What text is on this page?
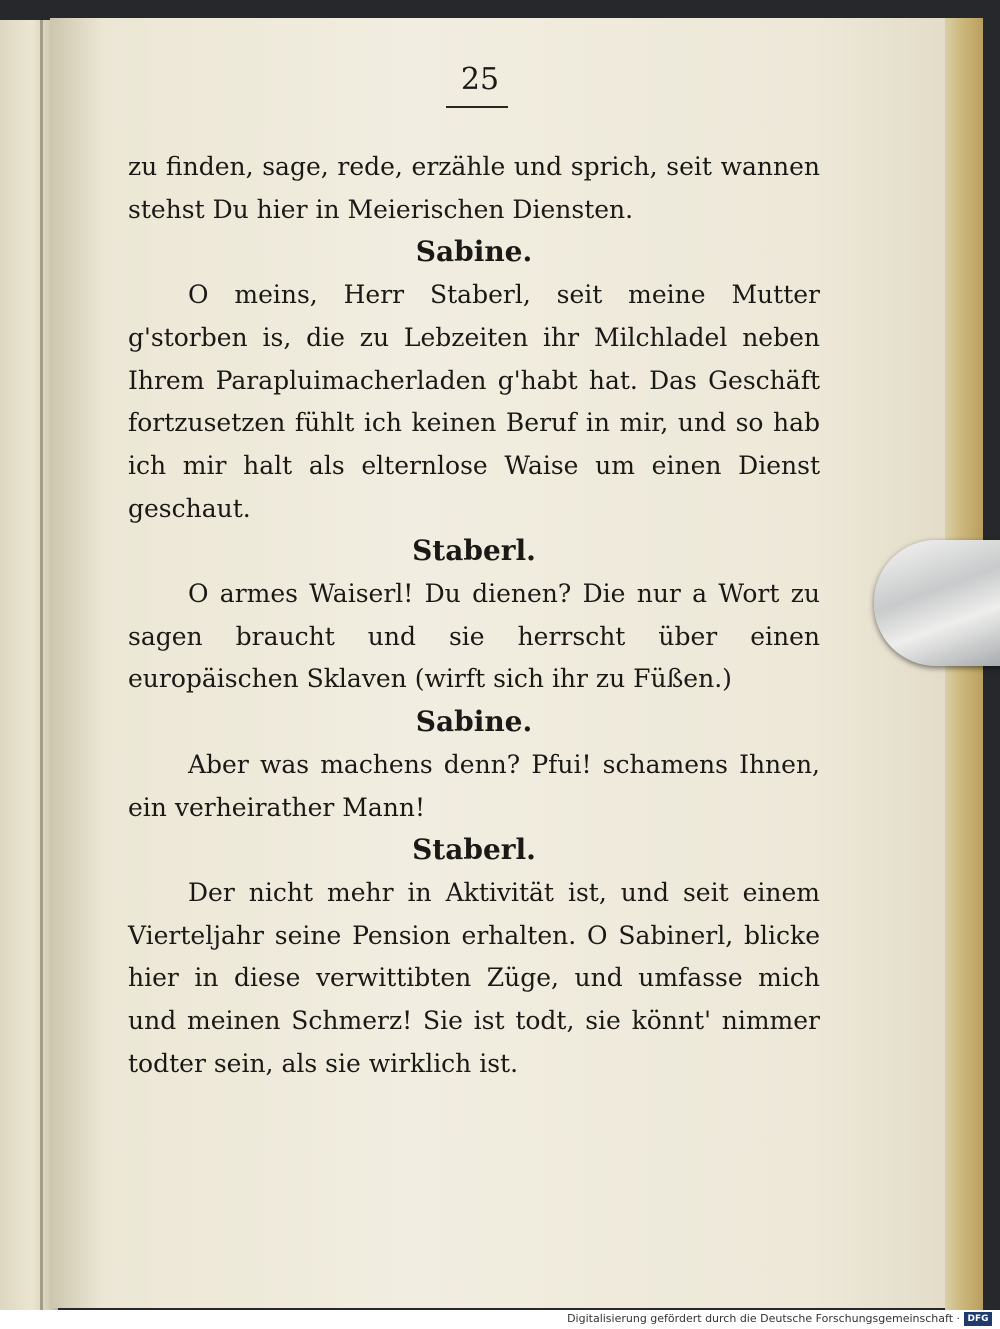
25

zu finden, sage, rede, erzähle und sprich, seit wannen stehst Du hier in Meierischen Diensten.

Sabine.

O meins, Herr Staberl, seit meine Mutter g'storben is, die zu Lebzeiten ihr Milchladel neben Ihrem Parapluimacherladen g'habt hat. Das Geschäft fortzusetzen fühlt ich keinen Beruf in mir, und so hab ich mir halt als elternlose Waise um einen Dienst geschaut.

Staberl.

O armes Waiserl! Du dienen? Die nur a Wort zu sagen braucht und sie herrscht über einen europäischen Sklaven (wirft sich ihr zu Füßen.)

Sabine.

Aber was machens denn? Pfui! schamens Ihnen, ein verheirather Mann!

Staberl.

Der nicht mehr in Aktivität ist, und seit einem Vierteljahr seine Pension erhalten. O Sabinerl, blicke hier in diese verwittibten Züge, und umfasse mich und meinen Schmerz! Sie ist todt, sie könnt' nimmer todter sein, als sie wirklich ist.

Digitalisierung gefördert durch die Deutsche Forschungsgemeinschaft · DFG
